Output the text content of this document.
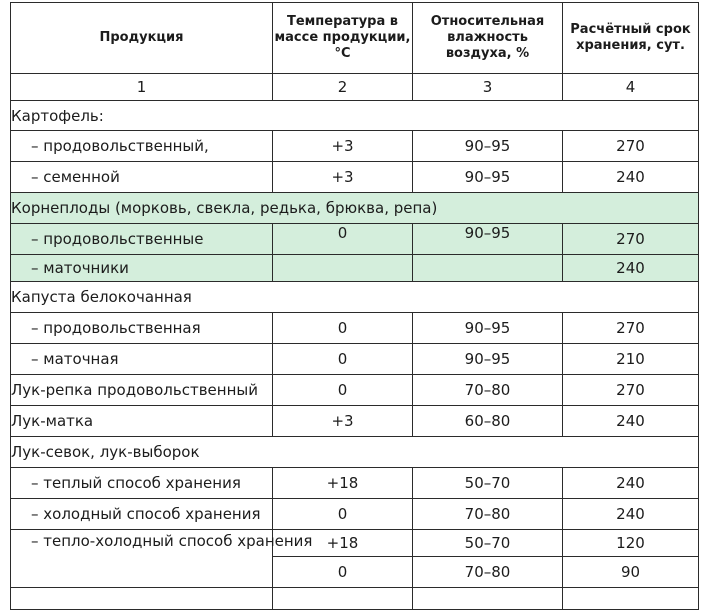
Продукция	Температура в массе продукции, °С	Относительная влажность воздуха, %	Расчётный срок хранения, сут.
1	2	3	4
Картофель:			
– продовольственный,	+3	90–95	270
– семенной	+3	90–95	240
Корнеплоды (морковь, свекла, редька, брюква, репа)			
– продовольственные	0	90–95	270
– маточники			240
Капуста белокочанная			
– продовольственная	0	90–95	270
– маточная	0	90–95	210
Лук-репка продовольственный	0	70–80	270
Лук-матка	+3	60–80	240
Лук-севок, лук-выборок			
– теплый способ хранения	+18	50–70	240
– холодный способ хранения	0	70–80	240
– тепло-холодный способ хранения	+18	50–70	120
	0	70–80	90
